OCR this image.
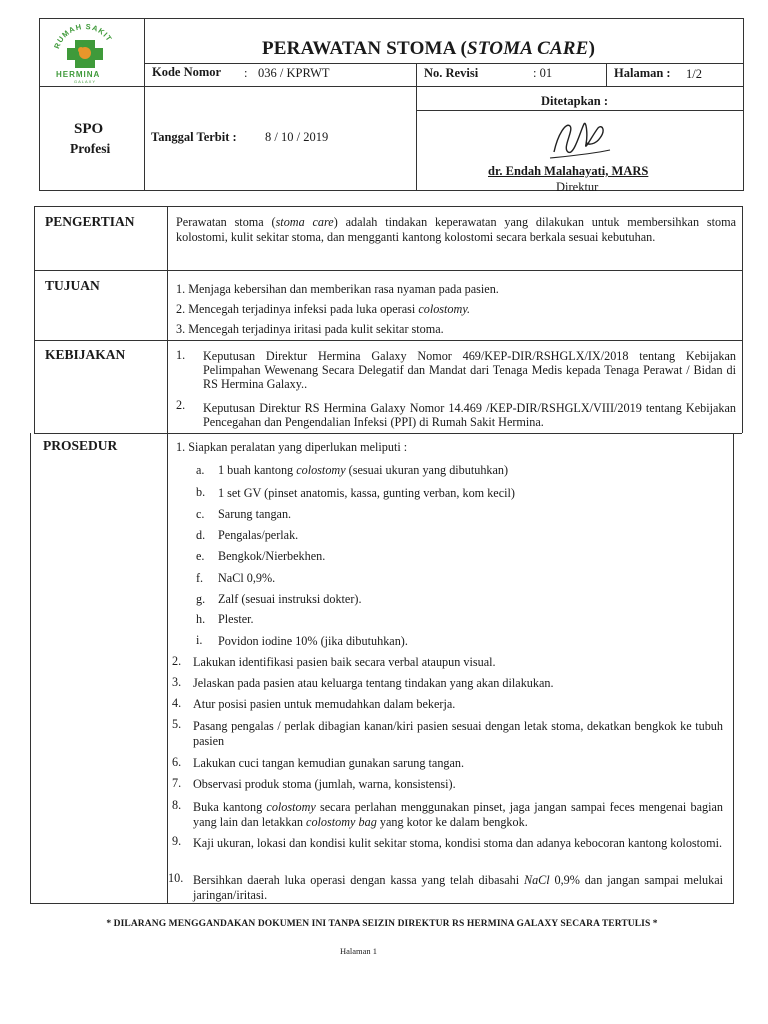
RUMAH SAKIT
HERMINA
GALAXY
PERAWATAN STOMA (STOMA CARE)
Kode Nomor : 036 / KPRWT	No. Revisi	: 01	Halaman : 1/2
SPO
Profesi
Tanggal Terbit : 8 / 10 / 2019
Ditetapkan :
dr. Endah Malahayati, MARS
Direktur
PENGERTIAN	Perawatan stoma (stoma care) adalah tindakan keperawatan yang dilakukan untuk membersihkan stoma kolostomi, kulit sekitar stoma, dan mengganti kantong kolostomi secara berkala sesuai kebutuhan.
TUJUAN	1. Menjaga kebersihan dan memberikan rasa nyaman pada pasien.
2. Mencegah terjadinya infeksi pada luka operasi colostomy.
3. Mencegah terjadinya iritasi pada kulit sekitar stoma.
KEBIJAKAN	1. Keputusan Direktur Hermina Galaxy Nomor 469/KEP-DIR/RSHGLX/IX/2018 tentang Kebijakan Pelimpahan Wewenang Secara Delegatif dan Mandat dari Tenaga Medis kepada Tenaga Perawat / Bidan di RS Hermina Galaxy..
2. Keputusan Direktur RS Hermina Galaxy Nomor 14.469 /KEP-DIR/RSHGLX/VIII/2019 tentang Kebijakan Pencegahan dan Pengendalian Infeksi (PPI) di Rumah Sakit Hermina.
PROSEDUR	1. Siapkan peralatan yang diperlukan meliputi :
a. 1 buah kantong colostomy (sesuai ukuran yang dibutuhkan)
b. 1 set GV (pinset anatomis, kassa, gunting verban, kom kecil)
c. Sarung tangan.
d. Pengalas/perlak.
e. Bengkok/Nierbekhen.
f. NaCl 0,9%.
g. Zalf (sesuai instruksi dokter).
h. Plester.
i. Povidon iodine 10% (jika dibutuhkan).
2. Lakukan identifikasi pasien baik secara verbal ataupun visual.
3. Jelaskan pada pasien atau keluarga tentang tindakan yang akan dilakukan.
4. Atur posisi pasien untuk memudahkan dalam bekerja.
5. Pasang pengalas / perlak dibagian kanan/kiri pasien sesuai dengan letak stoma, dekatkan bengkok ke tubuh pasien
6. Lakukan cuci tangan kemudian gunakan sarung tangan.
7. Observasi produk stoma (jumlah, warna, konsistensi).
8. Buka kantong colostomy secara perlahan menggunakan pinset, jaga jangan sampai feces mengenai bagian yang lain dan letakkan colostomy bag yang kotor ke dalam bengkok.
9. Kaji ukuran, lokasi dan kondisi kulit sekitar stoma, kondisi stoma dan adanya kebocoran kantong kolostomi.
10. Bersihkan daerah luka operasi dengan kassa yang telah dibasahi NaCl 0,9% dan jangan sampai melukai jaringan/iritasi.
* DILARANG MENGGANDAKAN DOKUMEN INI TANPA SEIZIN DIREKTUR RS HERMINA GALAXY SECARA TERTULIS *
Halaman 1
